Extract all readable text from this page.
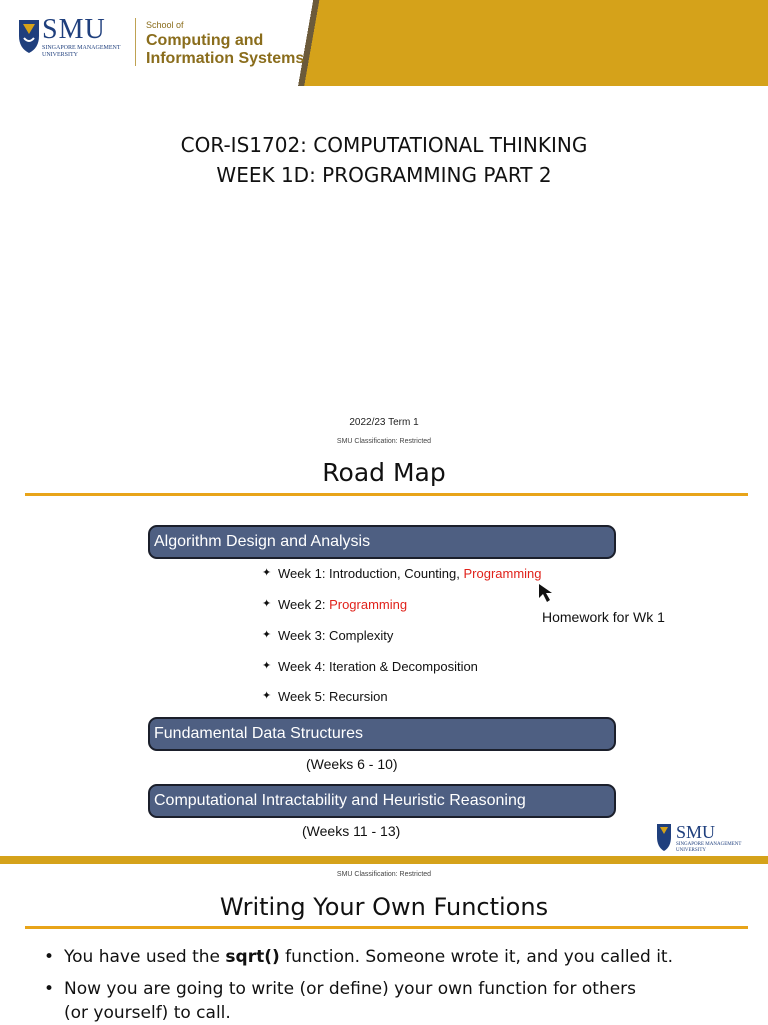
SMU
SINGAPORE MANAGEMENT UNIVERSITY
School of
Computing and
Information Systems
COR-IS1702: COMPUTATIONAL THINKING
WEEK 1D: PROGRAMMING PART 2
2022/23 Term 1
SMU Classification: Restricted
Road Map
Algorithm Design and Analysis
✦ Week 1: Introduction, Counting, Programming
✦ Week 2: Programming
✦ Week 3: Complexity
✦ Week 4: Iteration & Decomposition
✦ Week 5: Recursion
Homework for Wk 1
Fundamental Data Structures
(Weeks 6 - 10)
Computational Intractability and Heuristic Reasoning
(Weeks 11 - 13)	SMU
SINGAPORE MANAGEMENT UNIVERSITY
SMU Classification: Restricted
Writing Your Own Functions
• You have used the sqrt() function. Someone wrote it, and you called it.
• Now you are going to write (or define) your own function for others
(or yourself) to call.
